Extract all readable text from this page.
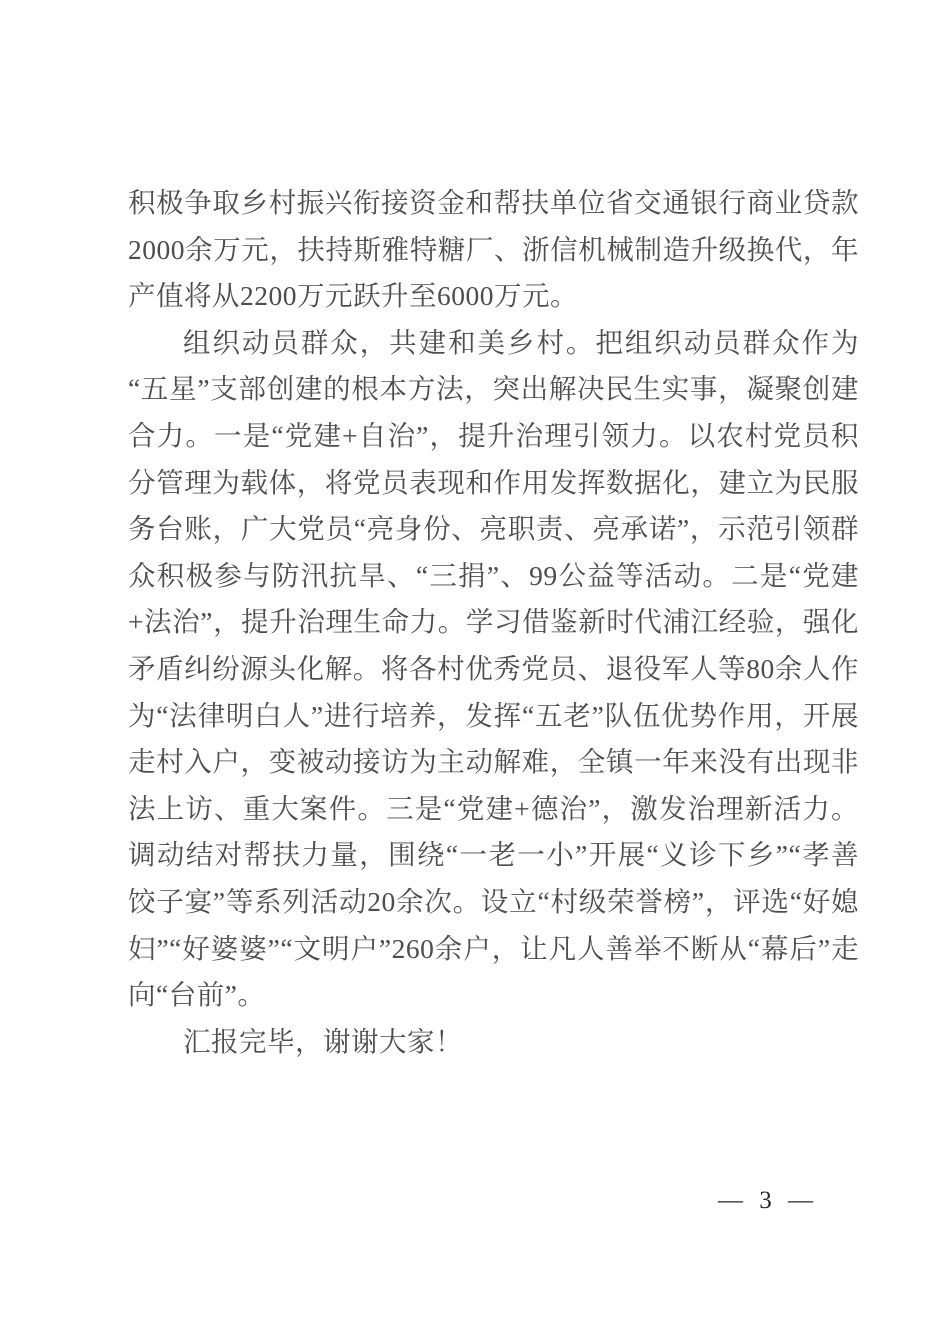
积极争取乡村振兴衔接资金和帮扶单位省交通银行商业贷款2000余万元，扶持斯雅特糖厂、浙信机械制造升级换代，年产值将从2200万元跃升至6000万元。

组织动员群众，共建和美乡村。把组织动员群众作为“五星”支部创建的根本方法，突出解决民生实事，凝聚创建合力。一是“党建+自治”，提升治理引领力。以农村党员积分管理为载体，将党员表现和作用发挥数据化，建立为民服务台账，广大党员“亮身份、亮职责、亮承诺”，示范引领群众积极参与防汛抗旱、“三捐”、99公益等活动。二是“党建+法治”，提升治理生命力。学习借鉴新时代浦江经验，强化矛盾纠纷源头化解。将各村优秀党员、退役军人等80余人作为“法律明白人”进行培养，发挥“五老”队伍优势作用，开展走村入户，变被动接访为主动解难，全镇一年来没有出现非法上访、重大案件。三是“党建+德治”，激发治理新活力。调动结对帮扶力量，围绕“一老一小”开展“义诊下乡”“孝善饺子宴”等系列活动20余次。设立“村级荣誉榜”，评选“好媳妇”“好婆婆”“文明户”260余户，让凡人善举不断从“幕后”走向“台前”。

汇报完毕，谢谢大家！

— 3 —
